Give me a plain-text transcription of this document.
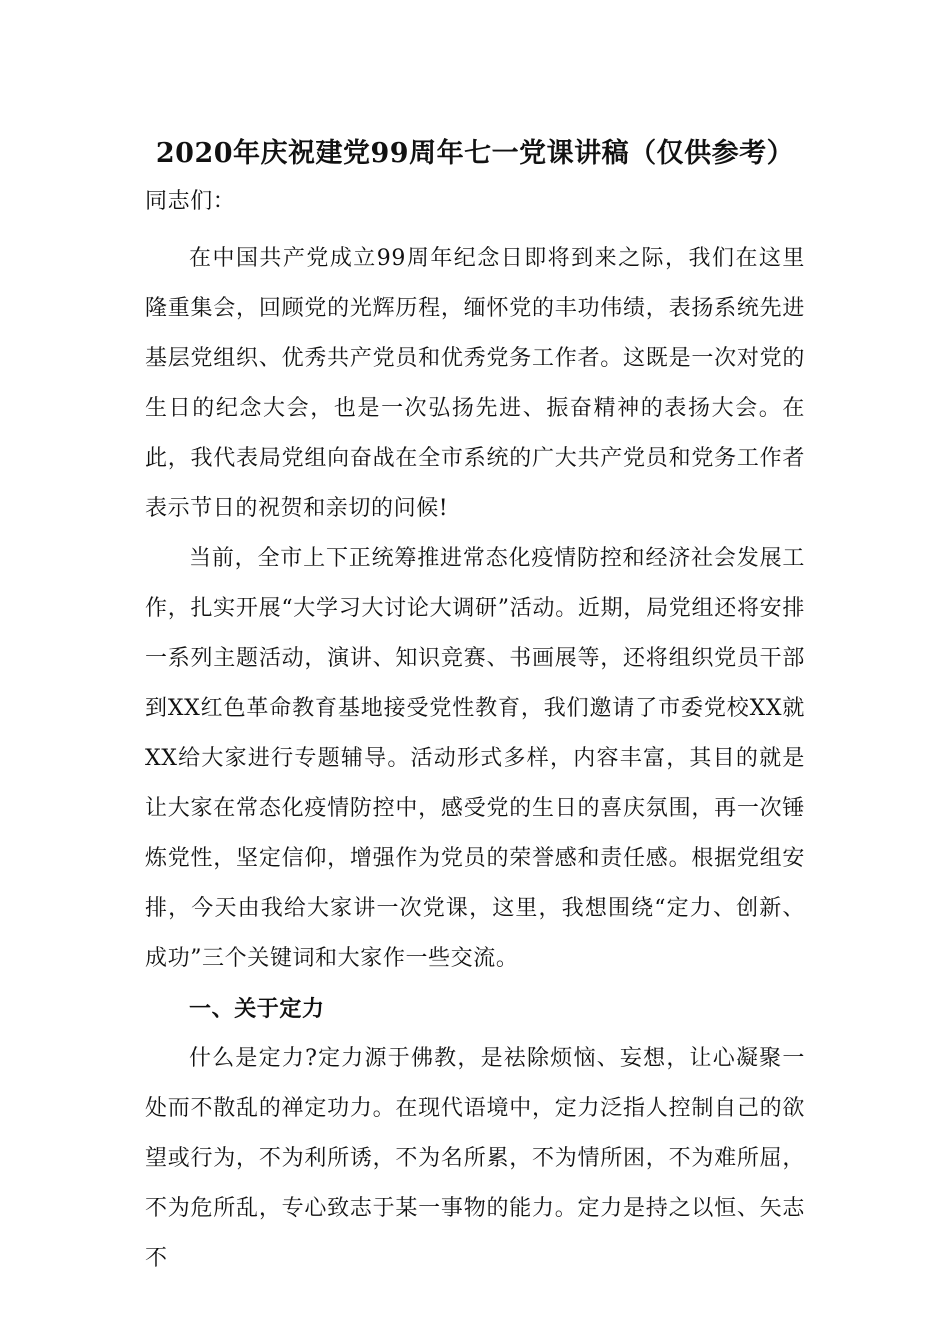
2020年庆祝建党99周年七一党课讲稿（仅供参考）

同志们：

在中国共产党成立99周年纪念日即将到来之际，我们在这里隆重集会，回顾党的光辉历程，缅怀党的丰功伟绩，表扬系统先进基层党组织、优秀共产党员和优秀党务工作者。这既是一次对党的生日的纪念大会，也是一次弘扬先进、振奋精神的表扬大会。在此，我代表局党组向奋战在全市系统的广大共产党员和党务工作者表示节日的祝贺和亲切的问候!

当前，全市上下正统筹推进常态化疫情防控和经济社会发展工作，扎实开展“大学习大讨论大调研”活动。近期，局党组还将安排一系列主题活动，演讲、知识竞赛、书画展等，还将组织党员干部到XX红色革命教育基地接受党性教育，我们邀请了市委党校XX就XX给大家进行专题辅导。活动形式多样，内容丰富，其目的就是让大家在常态化疫情防控中，感受党的生日的喜庆氛围，再一次锤炼党性，坚定信仰，增强作为党员的荣誉感和责任感。根据党组安排，今天由我给大家讲一次党课，这里，我想围绕“定力、创新、成功”三个关键词和大家作一些交流。

一、关于定力

什么是定力?定力源于佛教，是祛除烦恼、妄想，让心凝聚一处而不散乱的禅定功力。在现代语境中，定力泛指人控制自己的欲望或行为，不为利所诱，不为名所累，不为情所困，不为难所屈，不为危所乱，专心致志于某一事物的能力。定力是持之以恒、矢志不
